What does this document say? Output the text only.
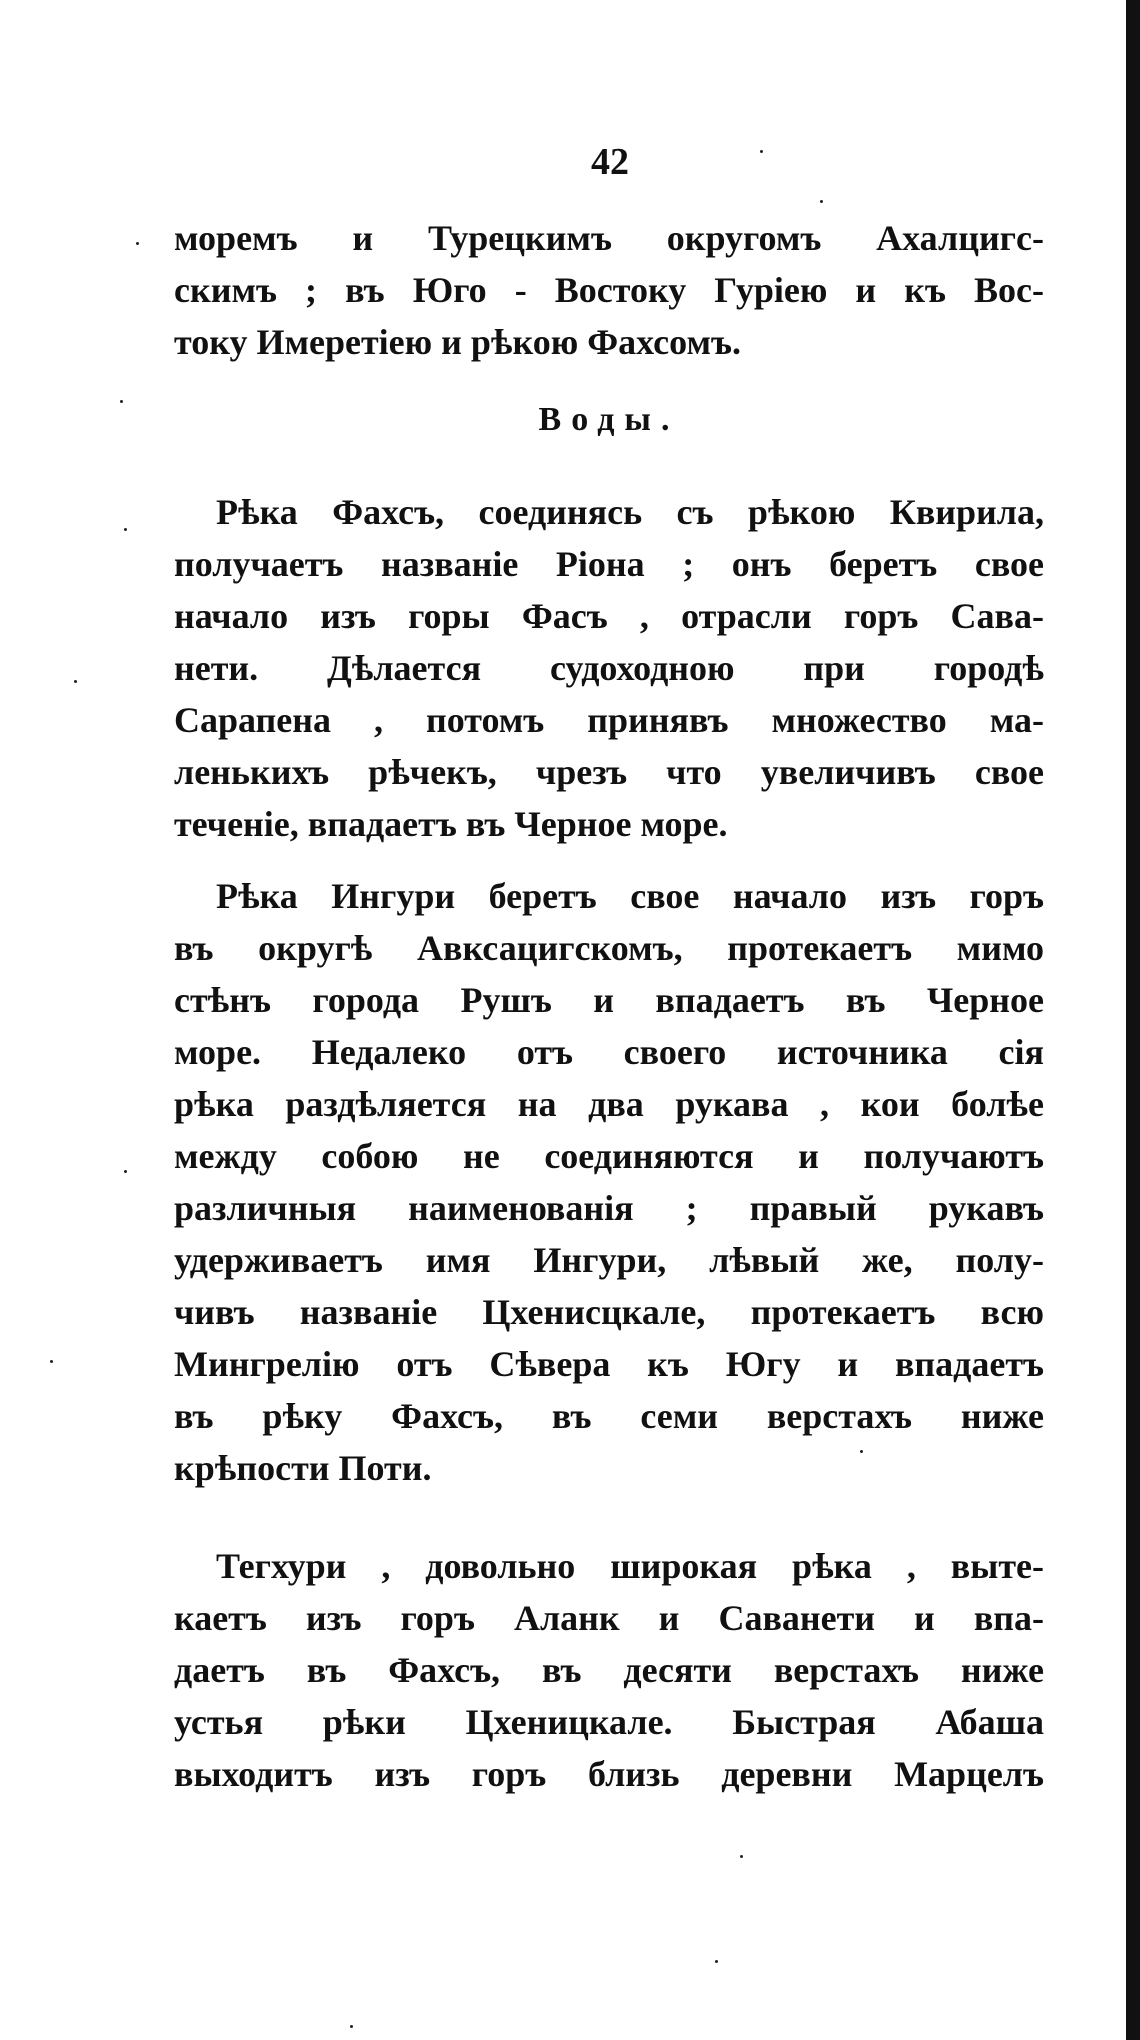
42
моремъ и Турецкимъ округомъ Ахалцигс-
скимъ ; въ Юго - Востоку Гуріею и къ Вос-
току Имеретіею и рѣкою Фахсомъ.
Воды.
Рѣка Фахсъ, соединясь съ рѣкою Квирила,
получаетъ названіе Ріона ; онъ беретъ свое
начало изъ горы Фасъ , отрасли горъ Сава-
нети. Дѣлается судоходною при городѣ
Сарапена , потомъ принявъ множество ма-
ленькихъ рѣчекъ, чрезъ что увеличивъ свое
теченіе, впадаетъ въ Черное море.
Рѣка Ингури беретъ свое начало изъ горъ
въ округѣ Авксацигскомъ, протекаетъ мимо
стѣнъ города Рушъ и впадаетъ въ Черное
море. Недалеко отъ своего источника сія
рѣка раздѣляется на два рукава , кои болѣе
между собою не соединяются и получаютъ
различныя наименованія ; правый рукавъ
удерживаетъ имя Ингури, лѣвый же, полу-
чивъ названіе Цхенисцкале, протекаетъ всю
Мингрелію отъ Сѣвера къ Югу и впадаетъ
въ рѣку Фахсъ, въ семи верстахъ ниже
крѣпости Поти.
Тегхури , довольно широкая рѣка , выте-
каетъ изъ горъ Аланк и Саванети и впа-
даетъ въ Фахсъ, въ десяти верстахъ ниже
устья рѣки Цхеницкале. Быстрая Абаша
выходитъ изъ горъ близь деревни Марцелъ
